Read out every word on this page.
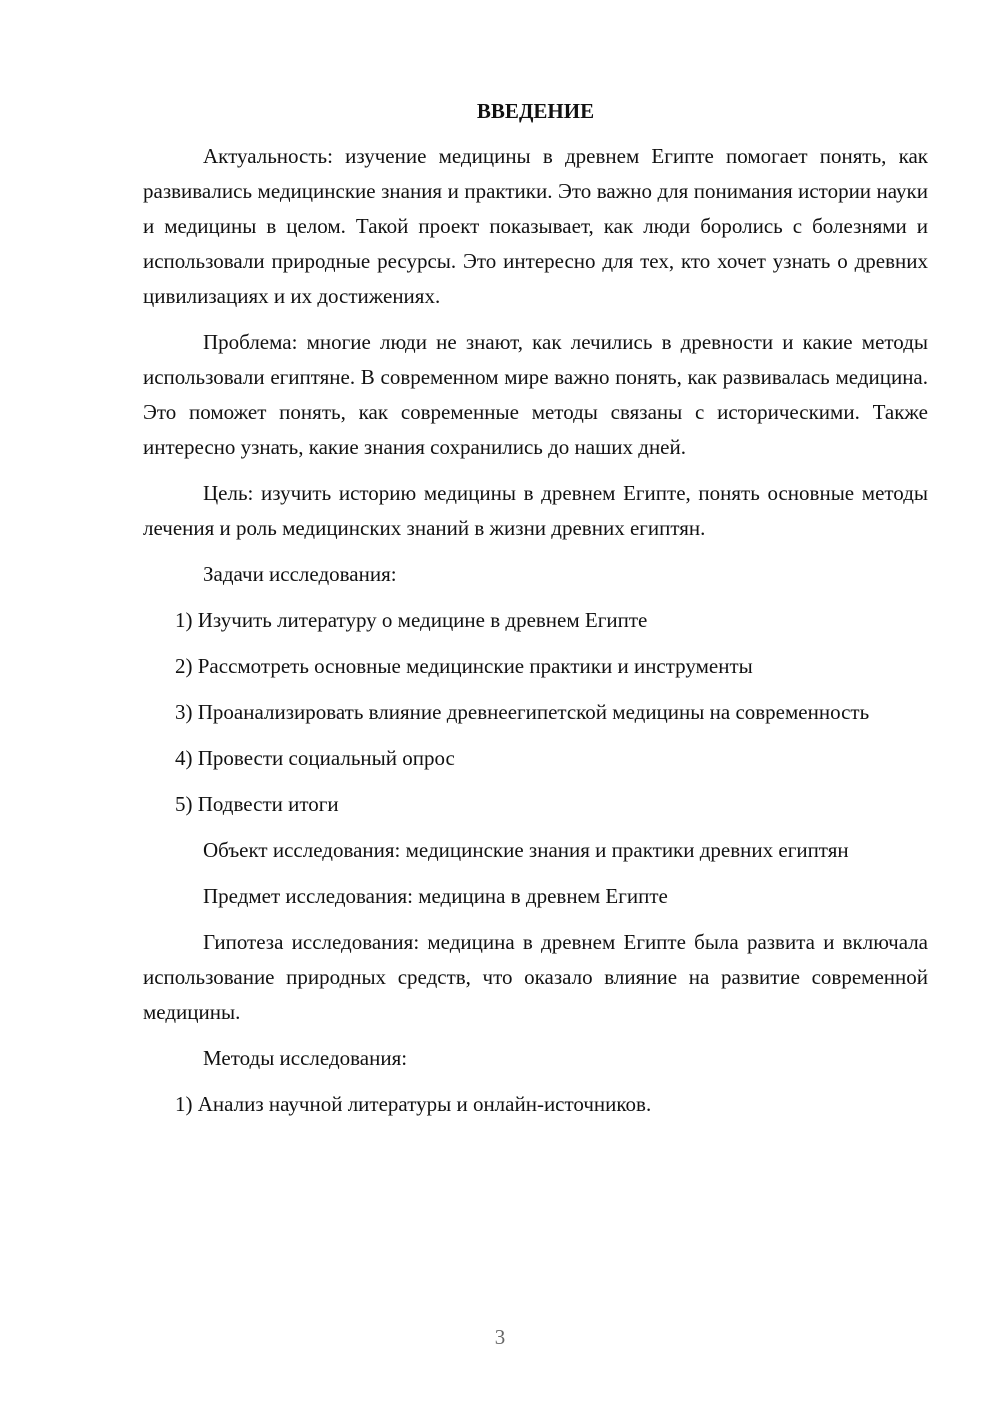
ВВЕДЕНИЕ

Актуальность: изучение медицины в древнем Египте помогает понять, как развивались медицинские знания и практики. Это важно для понимания истории науки и медицины в целом. Такой проект показывает, как люди боролись с болезнями и использовали природные ресурсы. Это интересно для тех, кто хочет узнать о древних цивилизациях и их достижениях.

Проблема: многие люди не знают, как лечились в древности и какие методы использовали египтяне. В современном мире важно понять, как развивалась медицина. Это поможет понять, как современные методы связаны с историческими. Также интересно узнать, какие знания сохранились до наших дней.

Цель: изучить историю медицины в древнем Египте, понять основные методы лечения и роль медицинских знаний в жизни древних египтян.

Задачи исследования:

1) Изучить литературу о медицине в древнем Египте

2) Рассмотреть основные медицинские практики и инструменты

3) Проанализировать влияние древнеегипетской медицины на современность

4) Провести социальный опрос

5) Подвести итоги

Объект исследования: медицинские знания и практики древних египтян

Предмет исследования: медицина в древнем Египте

Гипотеза исследования: медицина в древнем Египте была развита и включала использование природных средств, что оказало влияние на развитие современной медицины.

Методы исследования:

1) Анализ научной литературы и онлайн-источников.

3
